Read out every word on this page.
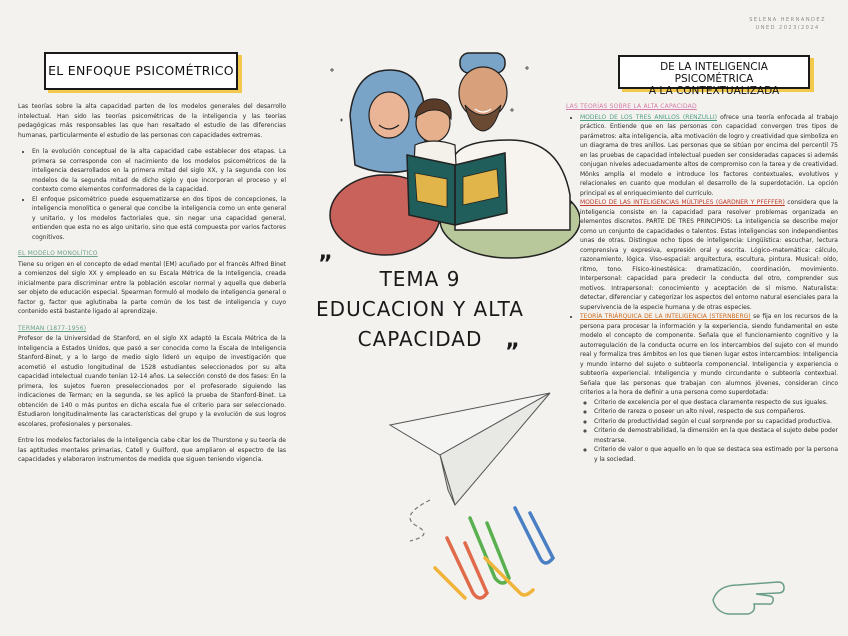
SELENA HERNANDEZ
UNED 2023/2024
EL ENFOQUE PSICOMÉTRICO

Las teorías sobre la alta capacidad parten de los modelos generales del desarrollo intelectual. Han sido las teorías psicométricas de la inteligencia y las teorías pedagógicas más responsables las que han resaltado el estudio de las diferencias humanas, particularmente el estudio de las personas con capacidades extremas.

• En la evolución conceptual de la alta capacidad cabe establecer dos etapas. La primera se corresponde con el nacimiento de los modelos psicométricos de la inteligencia desarrollados en la primera mitad del siglo XX, y la segunda con los modelos de la segunda mitad de dicho siglo y que incorporan el proceso y el contexto como elementos conformadores de la capacidad.
• El enfoque psicométrico puede esquematizarse en dos tipos de concepciones, la inteligencia monolítica o general que concibe la inteligencia como un ente general y unitario, y los modelos factoriales que, sin negar una capacidad general, entienden que esta no es algo unitario, sino que está compuesta por varios factores cognitivos.
EL MODELO MONOLÍTICO

Tiene su origen en el concepto de edad mental (EM) acuñado por el francés Alfred Binet a comienzos del siglo XX y empleado en su Escala Métrica de la Inteligencia, creada inicialmente para discriminar entre la población escolar normal y aquella que debería ser objeto de educación especial. Spearman formuló el modelo de inteligencia general o factor g, factor que aglutinaba la parte común de los test de inteligencia y cuyo contenido está bastante ligado al aprendizaje.

TERMAN (1877-1956)

Profesor de la Universidad de Stanford, en el siglo XX adaptó la Escala Métrica de la Inteligencia a Estados Unidos, que pasó a ser conocida como la Escala de Inteligencia Stanford-Binet, y a lo largo de medio siglo lideró un equipo de investigación que acometió el estudio longitudinal de 1528 estudiantes seleccionados por su alta capacidad intelectual cuando tenían 12-14 años. La selección constó de dos fases: En la primera, los sujetos fueron preseleccionados por el profesorado siguiendo las indicaciones de Terman; en la segunda, se les aplicó la prueba de Stanford-Binet. La obtención de 140 o más puntos en dicha escala fue el criterio para ser seleccionado. Estudiaron longitudinalmente las características del grupo y la evolución de sus logros escolares, profesionales y personales.

Entre los modelos factoriales de la inteligencia cabe citar los de Thurstone y su teoría de las aptitudes mentales primarias, Catell y Guilford, que ampliaron el espectro de las capacidades y elaboraron instrumentos de medida que siguen teniendo vigencia.

”
TEMA 9
EDUCACION Y ALTA
CAPACIDAD
”
DE LA INTELIGENCIA PSICOMÉTRICA
A LA CONTEXTUALIZADA
LAS TEORÍAS SOBRE LA ALTA CAPACIDAD
• MODELO DE LOS TRES ANILLOS (RENZULLI) ofrece una teoría enfocada al trabajo práctico. Entiende que en las personas con capacidad convergen tres tipos de parámetros: alta inteligencia, alta motivación de logro y creatividad que simboliza en un diagrama de tres anillos. Las personas que se sitúan por encima del percentil 75 en las pruebas de capacidad intelectual pueden ser consideradas capaces si además conjugan niveles adecuadamente altos de compromiso con la tarea y de creatividad. Mönks amplía el modelo e introduce los factores contextuales, evolutivos y relacionales en cuanto que modulan el desarrollo de la superdotación. La opción principal es el enriquecimiento del currículo.
• MODELO DE LAS INTELIGENCIAS MÚLTIPLES (GARDNER Y PFEFFER) considera que la inteligencia consiste en la capacidad para resolver problemas organizada en elementos discretos. PARTE DE TRES PRINCIPIOS: La inteligencia se describe mejor como un conjunto de capacidades o talentos. Estas inteligencias son independientes unas de otras. Distingue ocho tipos de inteligencia: Lingüística: escuchar, lectura comprensiva y expresiva, expresión oral y escrita. Lógico-matemática: cálculo, razonamiento, lógica. Viso-espacial: arquitectura, escultura, pintura. Musical: oído, ritmo, tono. Físico-kinestésica: dramatización, coordinación, movimiento. Interpersonal: capacidad para predecir la conducta del otro, comprender sus motivos. Intrapersonal: conocimiento y aceptación de sí mismo. Naturalista: detectar, diferenciar y categorizar los aspectos del entorno natural esenciales para la supervivencia de la especie humana y de otras especies.
• TEORÍA TRIÁRQUICA DE LA INTELIGENCIA (STERNBERG) se fija en los recursos de la persona para procesar la información y la experiencia, siendo fundamental en este modelo el concepto de componente. Señala que el funcionamiento cognitivo y la autorregulación de la conducta ocurre en los intercambios del sujeto con el mundo real y formaliza tres ámbitos en los que tienen lugar estos intercambios: Inteligencia y mundo interno del sujeto o subteoría componencial. Inteligencia y experiencia o subteoría experiencial. Inteligencia y mundo circundante o subteoría contextual. Señala que las personas que trabajan con alumnos jóvenes, consideran cinco criterios a la hora de definir a una persona como superdotada:
◦ Criterio de excelencia por el que destaca claramente respecto de sus iguales.
◦ Criterio de rareza o poseer un alto nivel, respecto de sus compañeros.
◦ Criterio de productividad según el cual sorprende por su capacidad productiva.
◦ Criterio de demostrabilidad, la dimensión en la que destaca el sujeto debe poder mostrarse.
◦ Criterio de valor o que aquello en lo que se destaca sea estimado por la persona y la sociedad.
